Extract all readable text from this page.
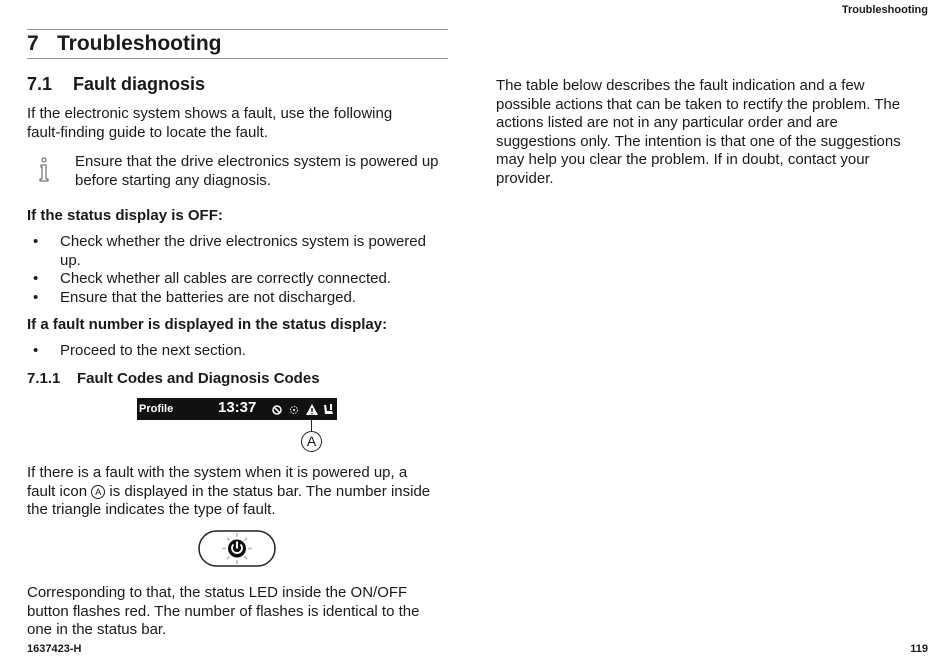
Troubleshooting
7 Troubleshooting
7.1 Fault diagnosis
If the electronic system shows a fault, use the following fault-finding guide to locate the fault.
Ensure that the drive electronics system is powered up before starting any diagnosis.
If the status display is OFF:
• Check whether the drive electronics system is powered up.
• Check whether all cables are correctly connected.
• Ensure that the batteries are not discharged.
If a fault number is displayed in the status display:
• Proceed to the next section.
7.1.1 Fault Codes and Diagnosis Codes
Profile	13:37
A
If there is a fault with the system when it is powered up, a fault icon A is displayed in the status bar. The number inside the triangle indicates the type of fault.
Corresponding to that, the status LED inside the ON/OFF button flashes red. The number of flashes is identical to the one in the status bar.
The table below describes the fault indication and a few possible actions that can be taken to rectify the problem. The actions listed are not in any particular order and are suggestions only. The intention is that one of the suggestions may help you clear the problem. If in doubt, contact your provider.
1637423-H	119
